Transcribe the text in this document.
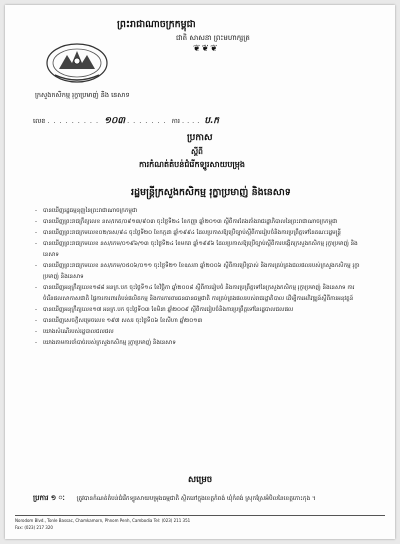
ព្រះរាជាណាចក្រកម្ពុជា
ជាតិ សាសនា ព្រះមហាក្សត្រ
❦❦❦
ក្រសួងកសិកម្ម រុក្ខាប្រមាញ់ និង នេសាទ
លេខ ......... ១០៣ ....... ការ .... ប.ក
ប្រកាស
ស្តីពី
ការកំណត់តំបន់ជំរើកទ្បូរសាយបម្រុង
រដ្ឋមន្ត្រីក្រសួងកសិកម្ម រុក្ខាប្រមាញ់ និងនេសាទ
- បានឃើញរដ្ឋធម្មនុញ្ញនៃព្រះរាជាណាចក្រកម្ពុជា
- បានឃើញព្រះរាជក្រឹត្យលេខ នស/រកត/០៩១៣/៩០៣ ចុះថ្ងៃទី២៤ ខែកញ្ញា ឆ្នាំ២០១៣ ស្ដីពីការតែងតាំងរាជរដ្ឋាភិបាលនៃព្រះរាជាណាចក្រកម្ពុជា
- បានឃើញព្រះរាជក្រមលេខ០២/នស/៩៤ ចុះថ្ងៃទី២០ ខែកក្កដា ឆ្នាំ១៩៩៤ ដែលប្រកាសឱ្យប្រើច្បាប់ស្ដីពីការរៀបចំនិងការប្រព្រឹត្តទៅនៃគណៈរដ្ឋមន្ត្រី
- បានឃើញព្រះរាជក្រមលេខ នស/រកម/០១៩៦/១៣ ចុះថ្ងៃទី២៤ ខែមករា ឆ្នាំ១៩៩៦ ដែលប្រកាសឱ្យប្រើច្បាប់ស្ដីពីការបង្កើតក្រសួងកសិកម្ម រុក្ខាប្រមាញ់ និងនេសាទ
- បានឃើញព្រះរាជក្រមលេខ នស/រកម/០៥០៦/០១១ ចុះថ្ងៃទី២១ ខែឧសភា ឆ្នាំ២០០៦ ស្ដីពីការប្រើប្រាស់ និងការគ្រប់គ្រងជលផលរបស់ក្រសួងកសិកម្ម រុក្ខាប្រមាញ់ និងនេសាទ
- បានឃើញអនុក្រឹត្យលេខ១៨៨ អនក្រ.បក ចុះថ្ងៃទី១៤ ខែវិច្ឆិកា ឆ្នាំ២០០៨ ស្ដីពីការរៀបចំ និងការប្រព្រឹត្តទៅនៃក្រសួងកសិកម្ម រុក្ខាប្រមាញ់ និងនេសាទ ការចំរើនផលសាកាសជាតិ ផ្ទៃការការពារតំបន់ផលិតកម្ម និងការការពារធនធានធម្មជាតិ ការគ្រប់គ្រងផលរបស់រាជរដ្ឋាភិបាល ដើម្បីការអភិវឌ្ឍន៍ស្ដីពីការអនុវត្តន៍
- បានឃើញអនុក្រឹត្យលេខ១៧ អនក្រ.បក ចុះថ្ងៃទី០៣ ខែមិនា ឆ្នាំ២០០៩ ស្ដីពីការរៀបចំនិងការប្រព្រឹត្តទៅនៃរដ្ឋបាលជលផល
- បានឃើញសេចក្ដីសម្រេចលេខ ១៩៧ សសរ ចុះថ្ងៃទី០៦ ខែសីហា ឆ្នាំ២០១៣
- យោងសំណើរបស់រដ្ឋបាលជលផល
- យោងតាមការចាំបាច់របស់ក្រសួងកសិកម្ម រុក្ខាប្រមាញ់ និងនេសាទ
សម្រេច
ប្រការ ១ ៈ ត្រូវបានកំណត់តំបន់ជំរើកទ្បូរសាយបម្រុងធម្មជាតិ ស្ថិតនៅក្នុងខេត្តកំពង់ ឃុំកំពង់ ស្រុកស្រែអំបិលនៃខេត្តកោះកុង ។
Norodom Blvd., Tonle Bassac, Chamkamorn, Phnom Penh, Cambodia Tel: (023) 211 351
Fax: (023) 217 320
